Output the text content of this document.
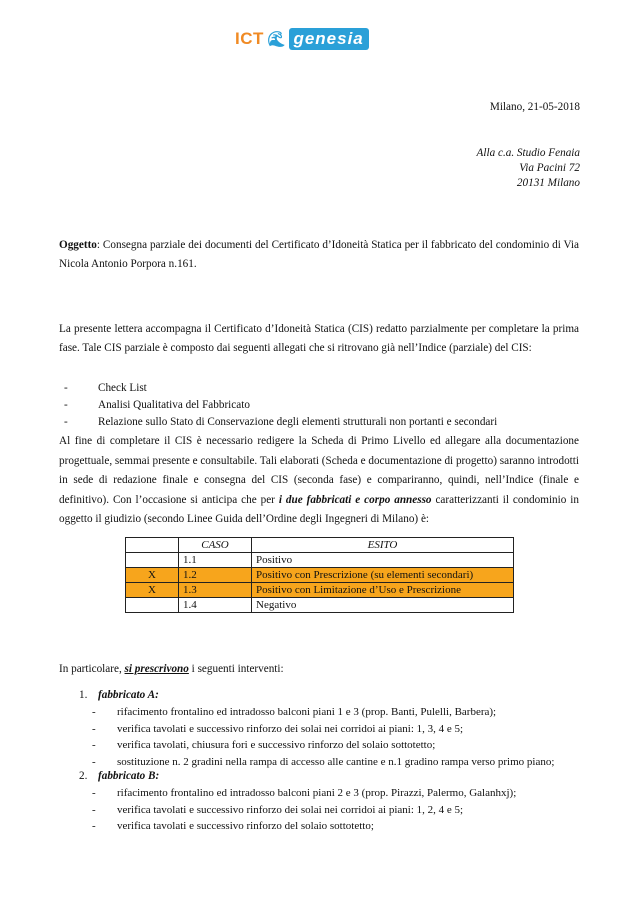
ICT 🌊︎ genesia
Milano, 21-05-2018
Alla c.a. Studio Fenaia
Via Pacini 72
20131 Milano
Oggetto: Consegna parziale dei documenti del Certificato d’Idoneità Statica per il fabbricato del condominio di Via Nicola Antonio Porpora n.161.
La presente lettera accompagna il Certificato d’Idoneità Statica (CIS) redatto parzialmente per completare la prima fase. Tale CIS parziale è composto dai seguenti allegati che si ritrovano già nell’Indice (parziale) del CIS:
- Check List
- Analisi Qualitativa del Fabbricato
- Relazione sullo Stato di Conservazione degli elementi strutturali non portanti e secondari
Al fine di completare il CIS è necessario redigere la Scheda di Primo Livello ed allegare alla documentazione progettuale, semmai presente e consultabile. Tali elaborati (Scheda e documentazione di progetto) saranno introdotti in sede di redazione finale e consegna del CIS (seconda fase) e compariranno, quindi, nell’Indice (finale e definitivo). Con l’occasione si anticipa che per i due fabbricati e corpo annesso caratterizzanti il condominio in oggetto il giudizio (secondo Linee Guida dell’Ordine degli Ingegneri di Milano) è:
	CASO	ESITO
	1.1	Positivo
X	1.2	Positivo con Prescrizione (su elementi secondari)
X	1.3	Positivo con Limitazione d’Uso e Prescrizione
	1.4	Negativo
In particolare, si prescrivono i seguenti interventi:
1. fabbricato A:
- rifacimento frontalino ed intradosso balconi piani 1 e 3 (prop. Banti, Pulelli, Barbera);
- verifica tavolati e successivo rinforzo dei solai nei corridoi ai piani: 1, 3, 4 e 5;
- verifica tavolati, chiusura fori e successivo rinforzo del solaio sottotetto;
- sostituzione n. 2 gradini nella rampa di accesso alle cantine e n.1 gradino rampa verso primo piano;
2. fabbricato B:
- rifacimento frontalino ed intradosso balconi piani 2 e 3 (prop. Pirazzi, Palermo, Galanhxj);
- verifica tavolati e successivo rinforzo dei solai nei corridoi ai piani: 1, 2, 4 e 5;
- verifica tavolati e successivo rinforzo del solaio sottotetto;
